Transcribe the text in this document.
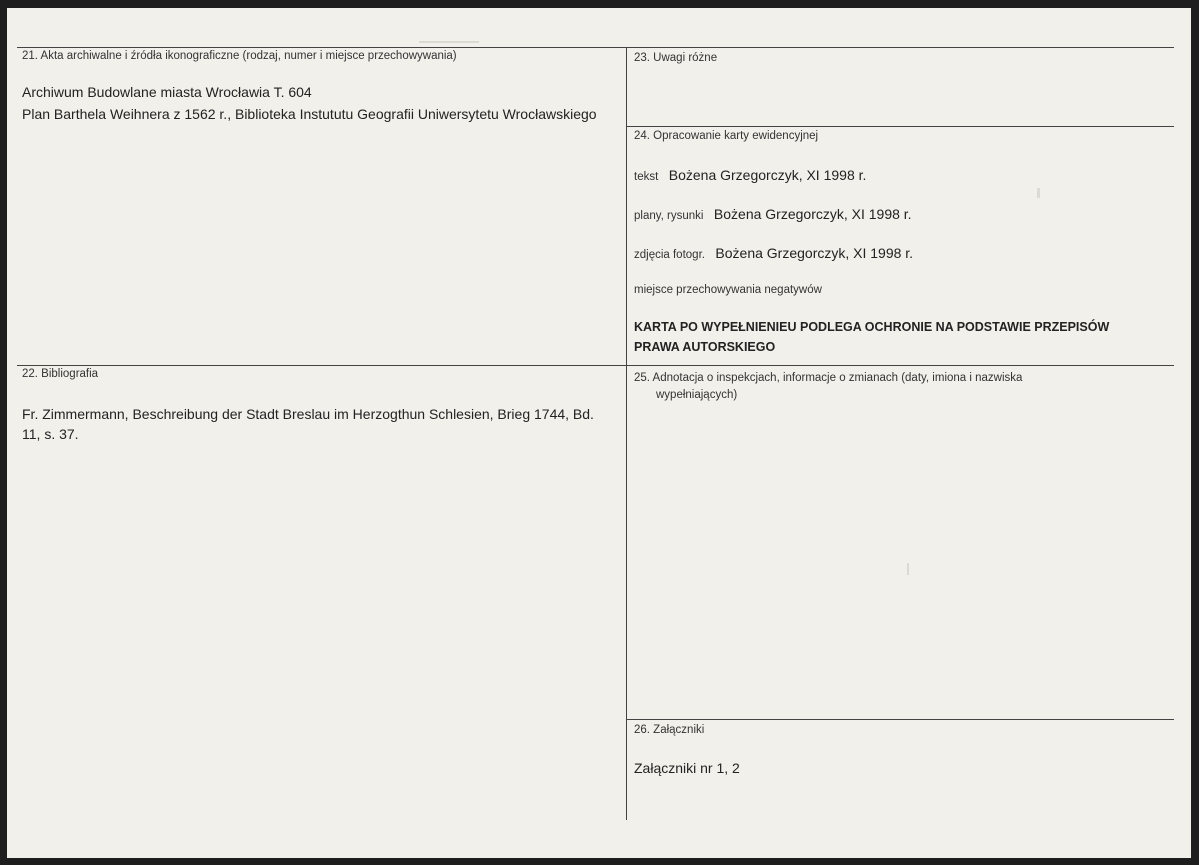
21. Akta archiwalne i źródła ikonograficzne (rodzaj, numer i miejsce przechowywania)
Archiwum Budowlane miasta Wrocławia T. 604
Plan Barthela Weihnera z 1562 r., Biblioteka Instututu Geografii Uniwersytetu Wrocławskiego
23. Uwagi różne
24. Opracowanie karty ewidencyjnej
tekst Bożena Grzegorczyk, XI 1998 r.
plany, rysunki Bożena Grzegorczyk, XI 1998 r.
zdjęcia fotogr. Bożena Grzegorczyk, XI 1998 r.
miejsce przechowywania negatywów
KARTA PO WYPEŁNIENIEU PODLEGA OCHRONIE NA PODSTAWIE PRZEPISÓW
PRAWA AUTORSKIEGO
22. Bibliografia
Fr. Zimmermann, Beschreibung der Stadt Breslau im Herzogthun Schlesien, Brieg 1744, Bd.
11, s. 37.
25. Adnotacja o inspekcjach, informacje o zmianach (daty, imiona i nazwiska
wypełniających)
26. Załączniki
Załączniki nr 1, 2
